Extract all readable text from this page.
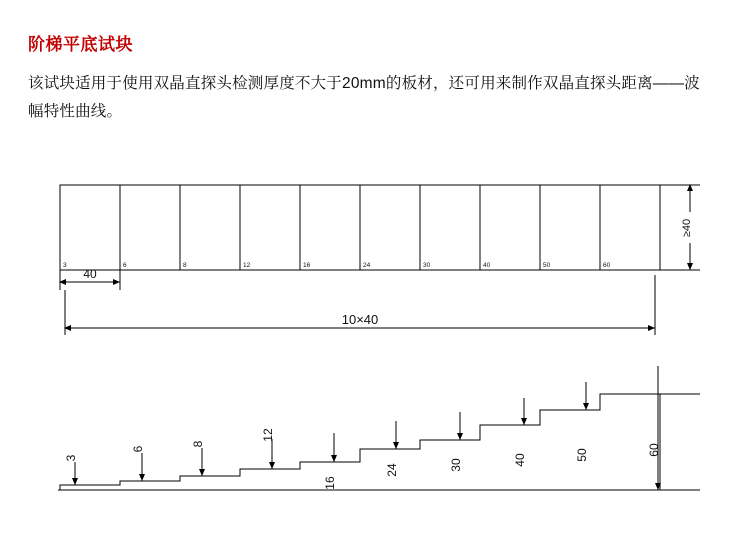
阶梯平底试块
该试块适用于使用双晶直探头检测厚度不大于20mm的板材，还可用来制作双晶直探头距离——波幅特性曲线。
3	6	8	12	16	24	30	40	50	60
≥40
40
10×40
3
6
8
12
16
24	30	40	50	60
